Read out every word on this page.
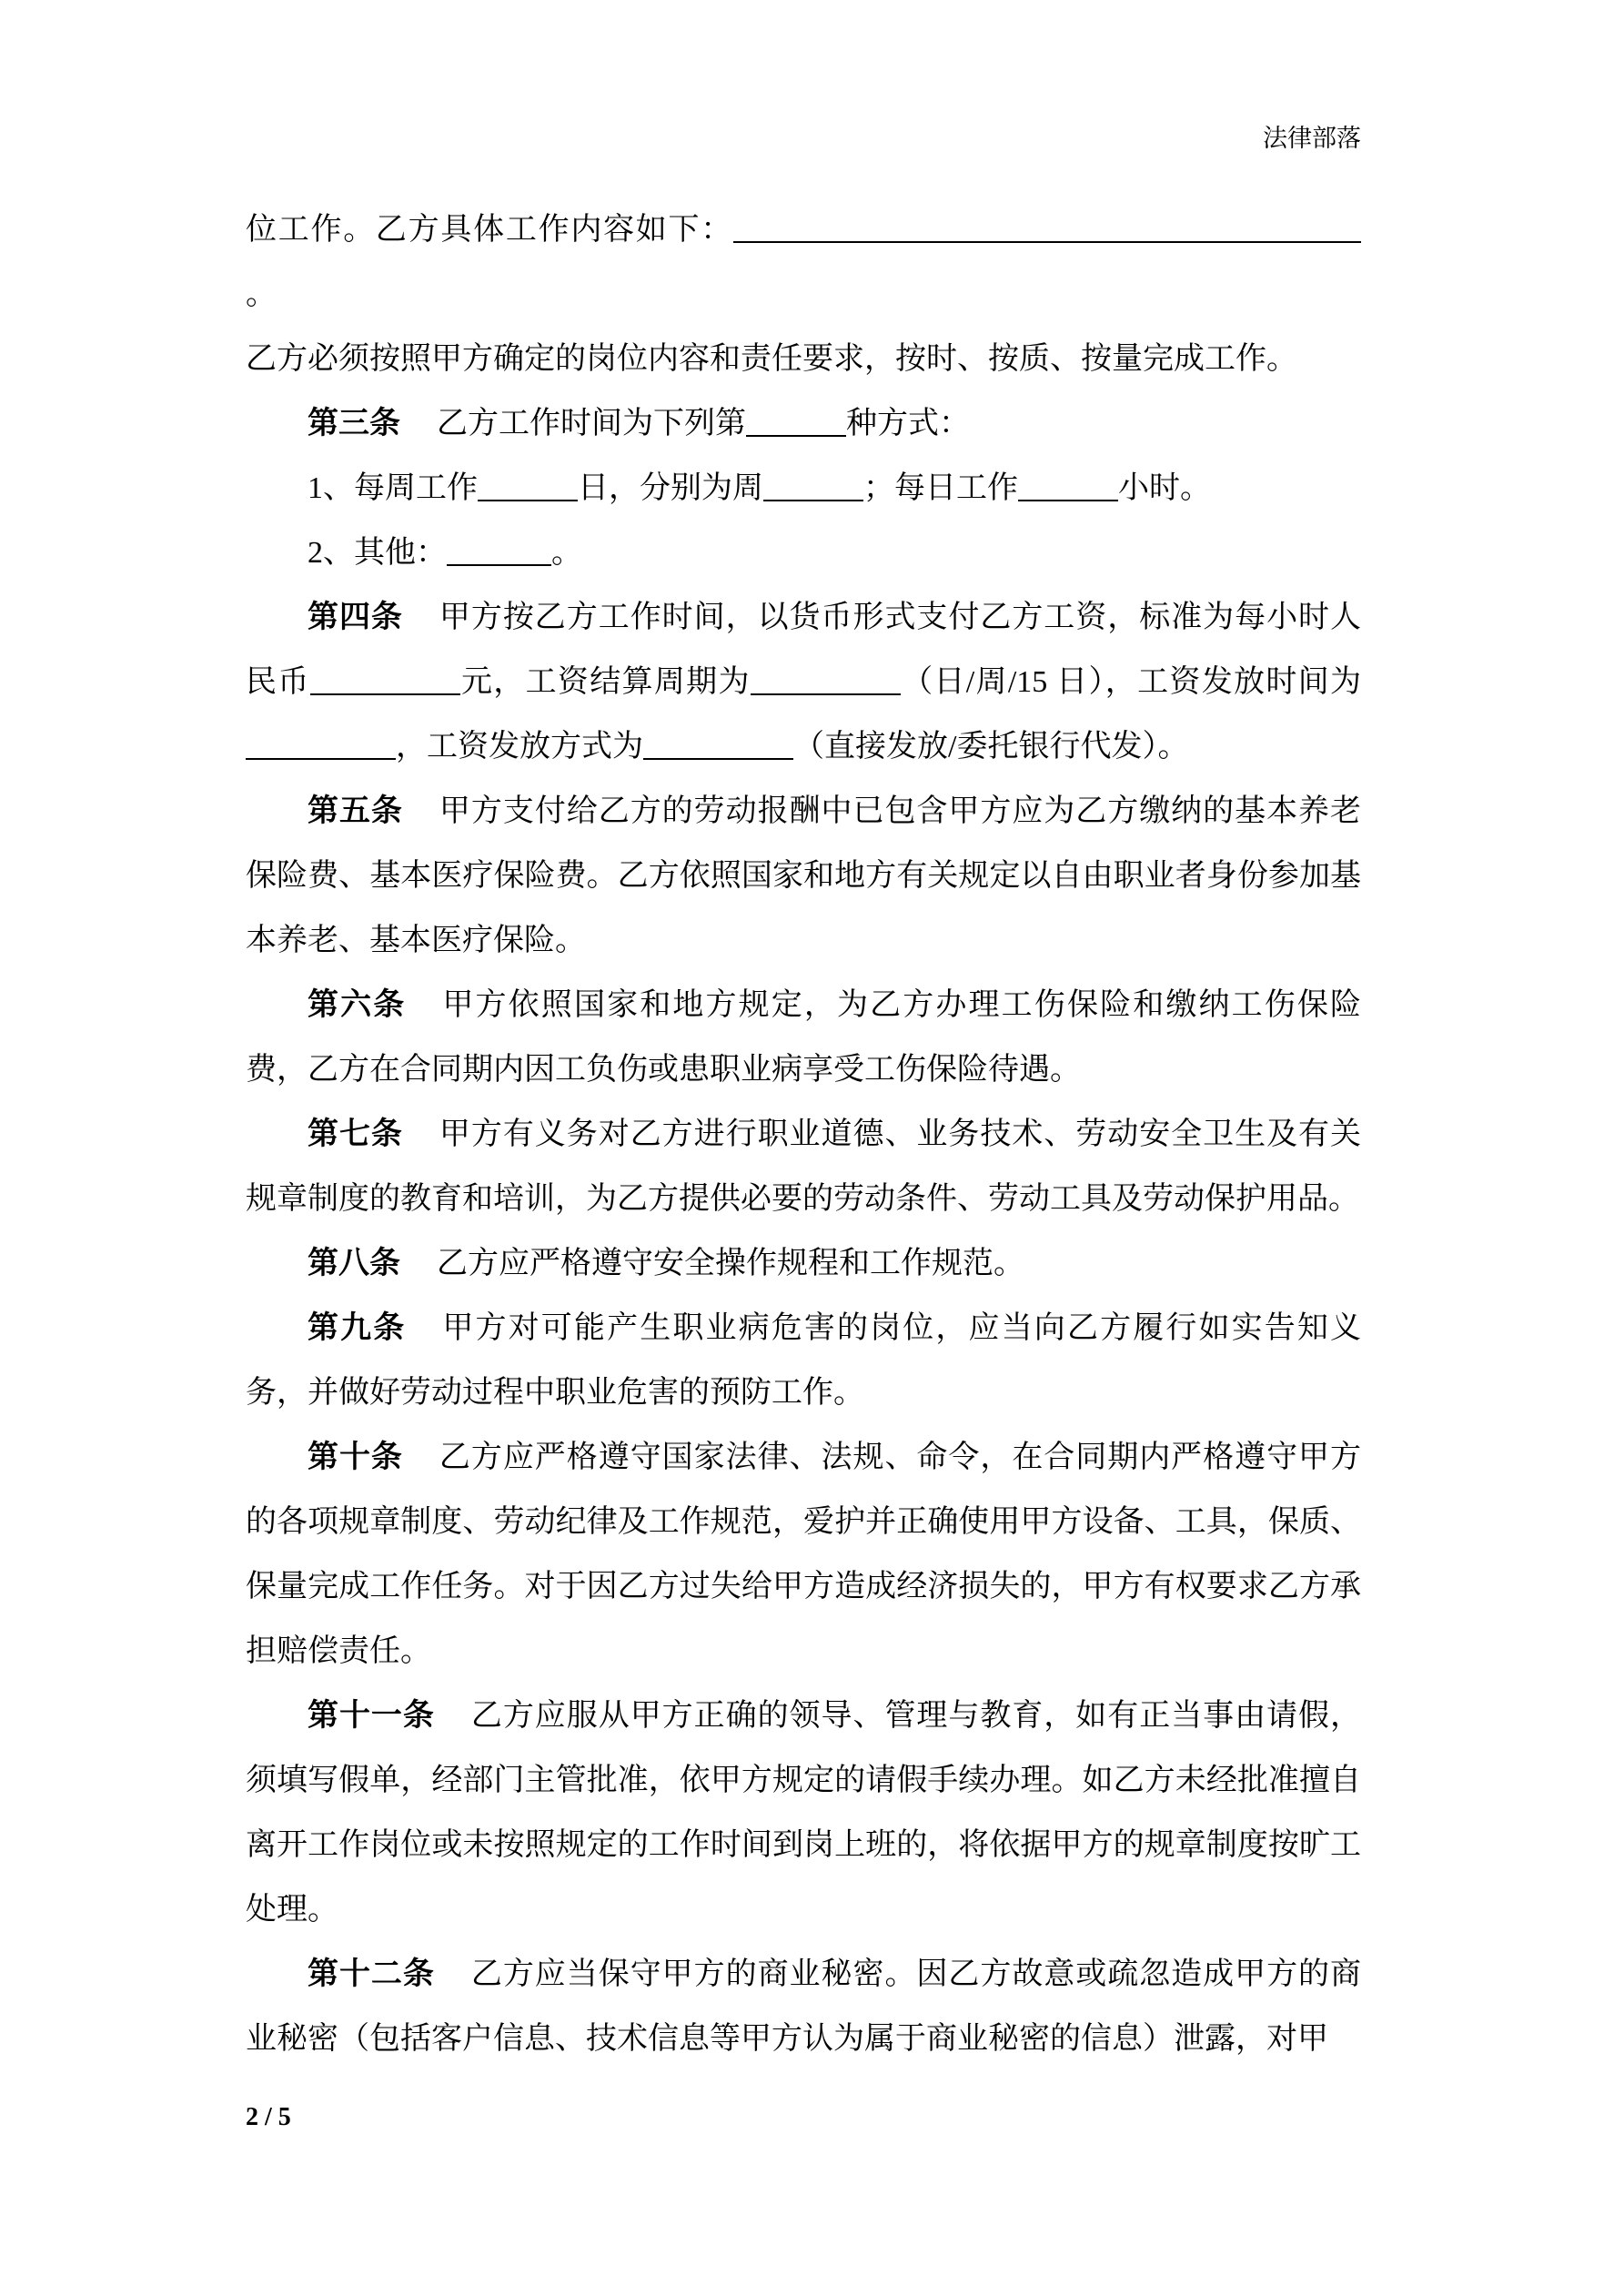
法律部落

位工作。乙方具体工作内容如下：。

乙方必须按照甲方确定的岗位内容和责任要求，按时、按质、按量完成工作。

第三条 乙方工作时间为下列第	种方式：

1、每周工作	日，分别为周	；每日工作	小时。

2、其他：	。

第四条 甲方按乙方工作时间，以货币形式支付乙方工资，标准为每小时人民币	元，工资结算周期为	（日/周/15 日），工资发放时间为，工资发放方式为	（直接发放/委托银行代发）。

第五条 甲方支付给乙方的劳动报酬中已包含甲方应为乙方缴纳的基本养老保险费、基本医疗保险费。乙方依照国家和地方有关规定以自由职业者身份参加基本养老、基本医疗保险。

第六条 甲方依照国家和地方规定，为乙方办理工伤保险和缴纳工伤保险费，乙方在合同期内因工负伤或患职业病享受工伤保险待遇。

第七条 甲方有义务对乙方进行职业道德、业务技术、劳动安全卫生及有关规章制度的教育和培训，为乙方提供必要的劳动条件、劳动工具及劳动保护用品。

第八条 乙方应严格遵守安全操作规程和工作规范。

第九条 甲方对可能产生职业病危害的岗位，应当向乙方履行如实告知义务，并做好劳动过程中职业危害的预防工作。

第十条 乙方应严格遵守国家法律、法规、命令，在合同期内严格遵守甲方的各项规章制度、劳动纪律及工作规范，爱护并正确使用甲方设备、工具，保质、保量完成工作任务。对于因乙方过失给甲方造成经济损失的，甲方有权要求乙方承担赔偿责任。

第十一条 乙方应服从甲方正确的领导、管理与教育，如有正当事由请假，须填写假单，经部门主管批准，依甲方规定的请假手续办理。如乙方未经批准擅自离开工作岗位或未按照规定的工作时间到岗上班的，将依据甲方的规章制度按旷工处理。

第十二条 乙方应当保守甲方的商业秘密。因乙方故意或疏忽造成甲方的商业秘密（包括客户信息、技术信息等甲方认为属于商业秘密的信息）泄露，对甲

2 / 5
